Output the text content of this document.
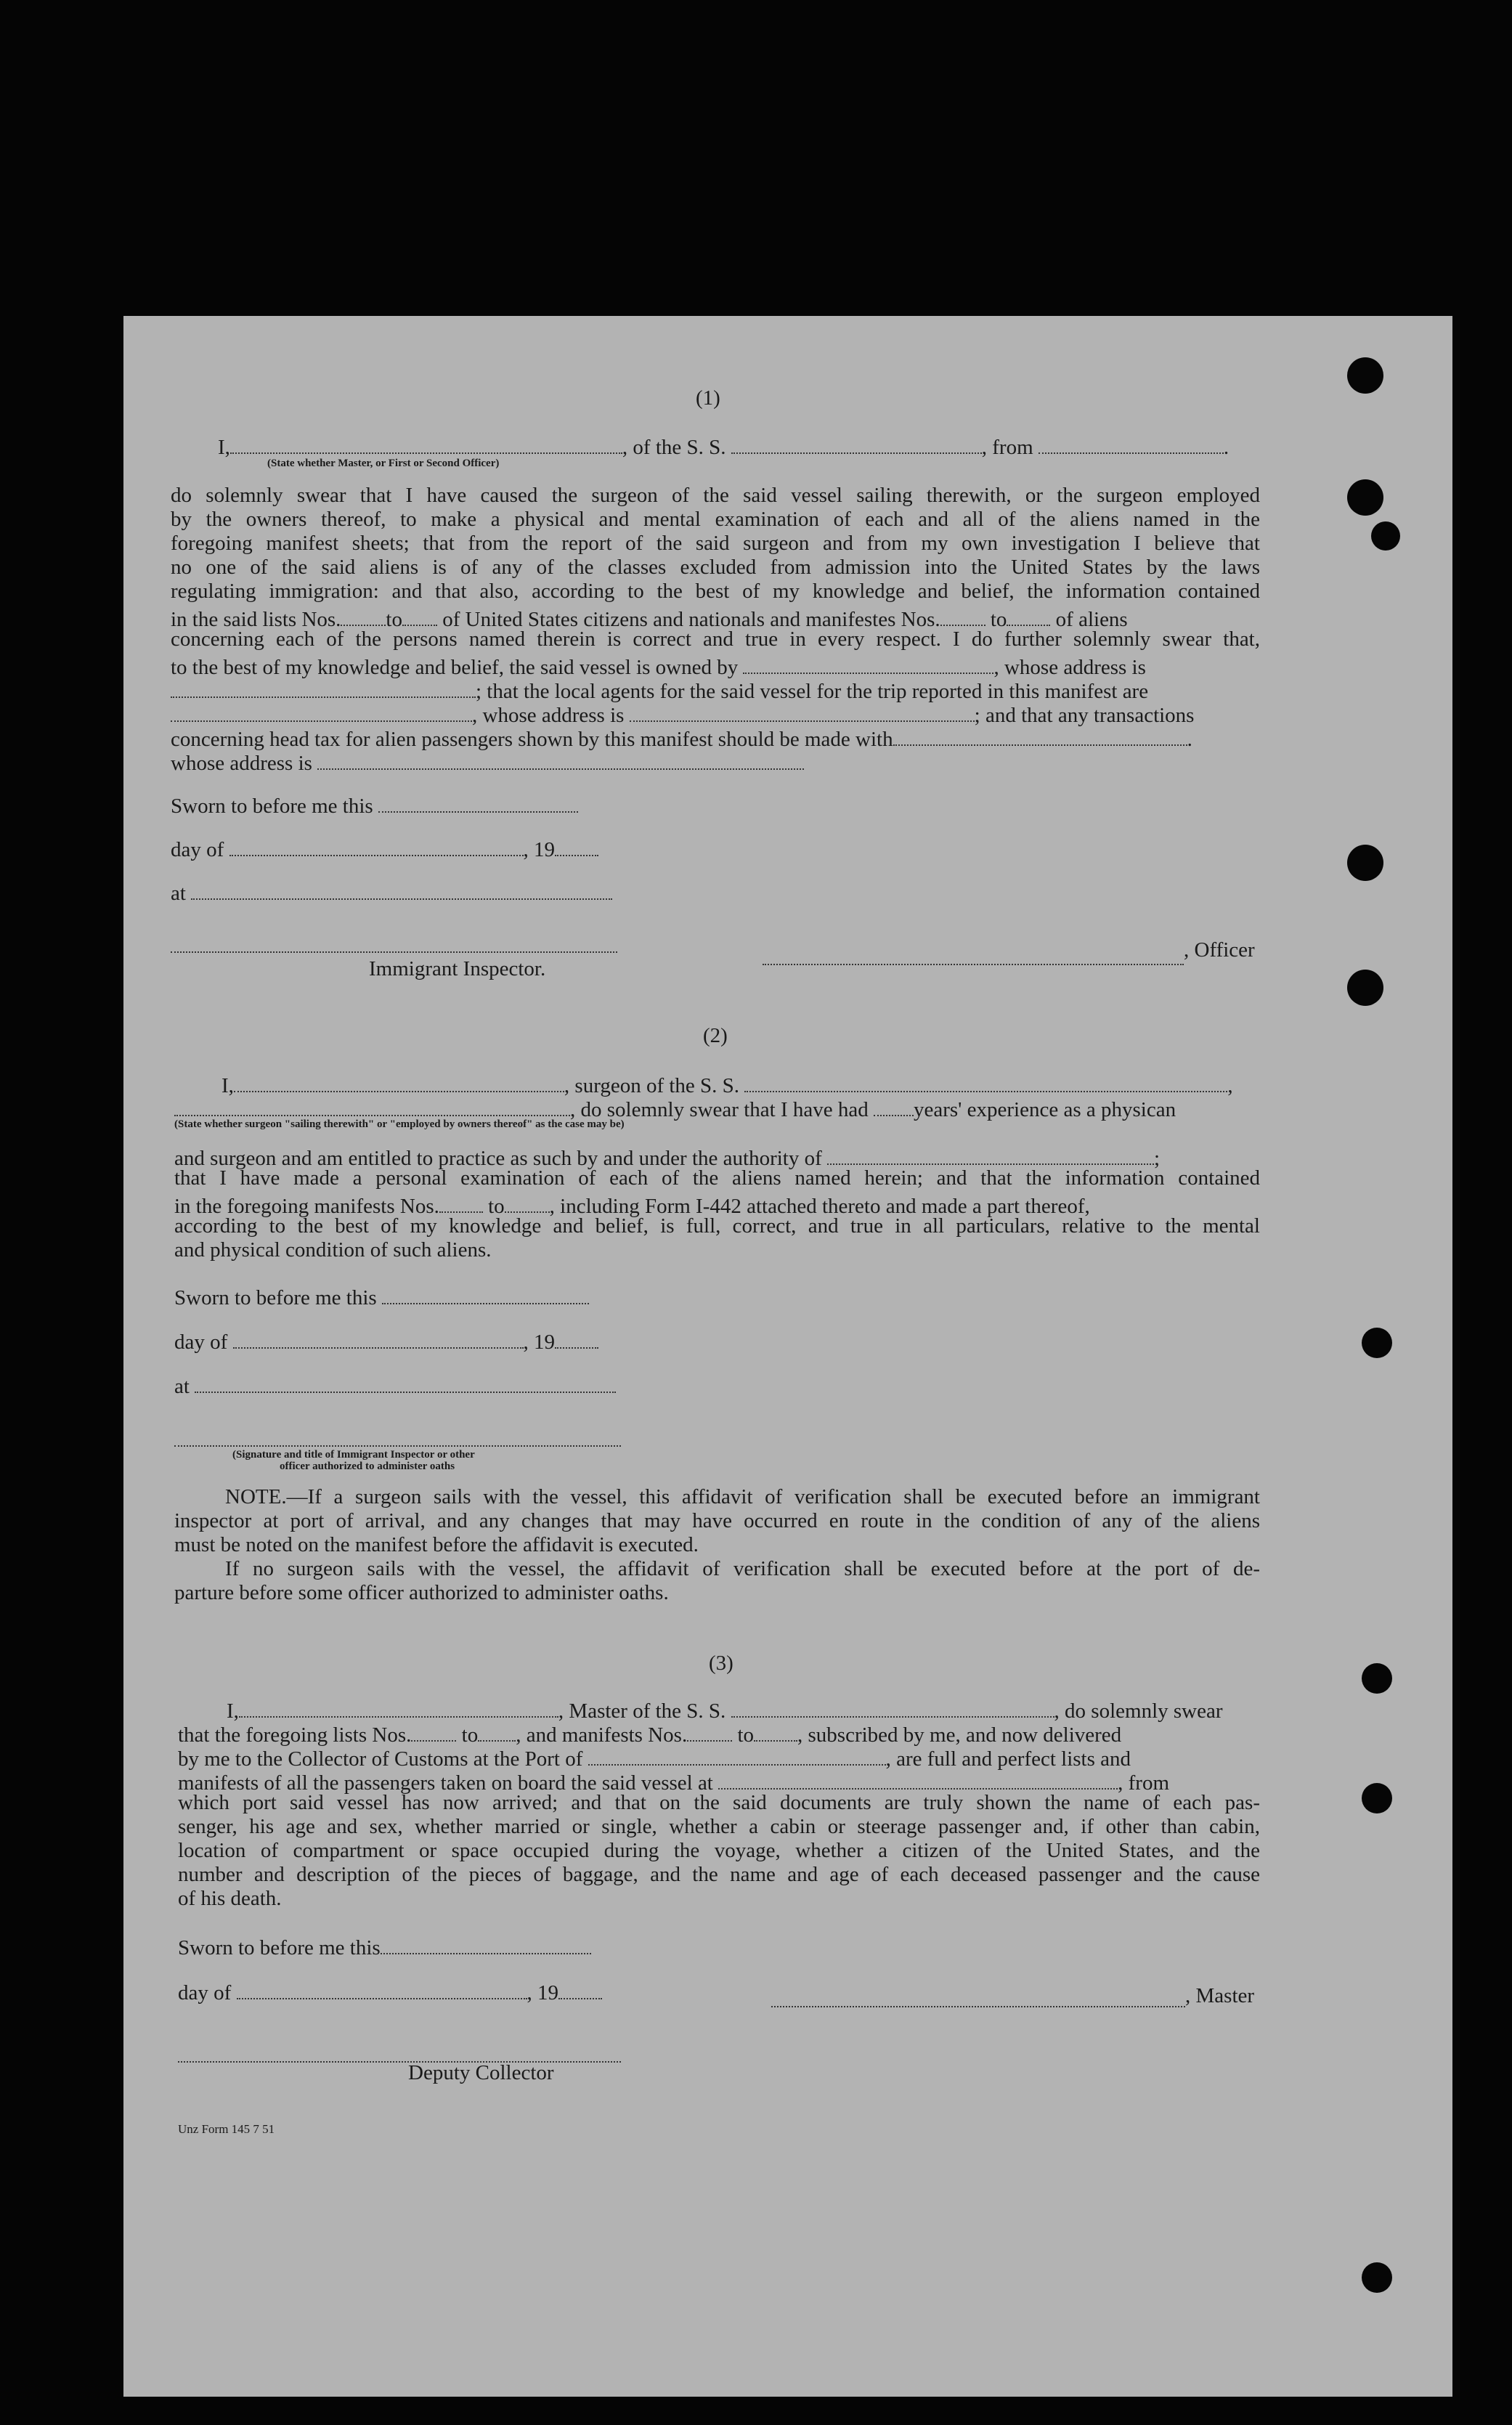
(1)
I,	, of the S. S.	, from	.
(State whether Master, or First or Second Officer)
do solemnly swear that I have caused the surgeon of the said vessel sailing therewith, or the surgeon employed
by the owners thereof, to make a physical and mental examination of each and all of the aliens named in the
foregoing manifest sheets; that from the report of the said surgeon and from my own investigation I believe that
no one of the said aliens is of any of the classes excluded from admission into the United States by the laws
regulating immigration: and that also, according to the best of my knowledge and belief, the information contained
in the said lists Nos. to of United States citizens and nationals and manifestes Nos. to of aliens
concerning each of the persons named therein is correct and true in every respect. I do further solemnly swear that,
to the best of my knowledge and belief, the said vessel is owned by	, whose address is
; that the local agents for the said vessel for the trip reported in this manifest are
, whose address is	; and that any transactions
concerning head tax for alien passengers shown by this manifest should be made with	.
whose address is
Sworn to before me this
day of	, 19
at
, Officer
Immigrant Inspector.
(2)
I,	, surgeon of the S. S.	,
, do solemnly swear that I have had years' experience as a physican
(State whether surgeon "sailing therewith" or "employed by owners thereof" as the case may be)
and surgeon and am entitled to practice as such by and under the authority of	;
that I have made a personal examination of each of the aliens named herein; and that the information contained
in the foregoing manifests Nos. to , including Form I-442 attached thereto and made a part thereof,
according to the best of my knowledge and belief, is full, correct, and true in all particulars, relative to the mental
and physical condition of such aliens.
Sworn to before me this
day of	, 19
at
(Signature and title of Immigrant Inspector or other
officer authorized to administer oaths
NOTE.—If a surgeon sails with the vessel, this affidavit of verification shall be executed before an immigrant
inspector at port of arrival, and any changes that may have occurred en route in the condition of any of the aliens
must be noted on the manifest before the affidavit is executed.
If no surgeon sails with the vessel, the affidavit of verification shall be executed before at the port of de-
parture before some officer authorized to administer oaths.
(3)
I,	, Master of the S. S.	, do solemnly swear
that the foregoing lists Nos. to , and manifests Nos. to , subscribed by me, and now delivered
by me to the Collector of Customs at the Port of	, are full and perfect lists and
manifests of all the passengers taken on board the said vessel at	, from
which port said vessel has now arrived; and that on the said documents are truly shown the name of each pas-
senger, his age and sex, whether married or single, whether a cabin or steerage passenger and, if other than cabin,
location of compartment or space occupied during the voyage, whether a citizen of the United States, and the
number and description of the pieces of baggage, and the name and age of each deceased passenger and the cause
of his death.
Sworn to before me this
day of	, 19	, Master
Deputy Collector
Unz Form 145 7 51
